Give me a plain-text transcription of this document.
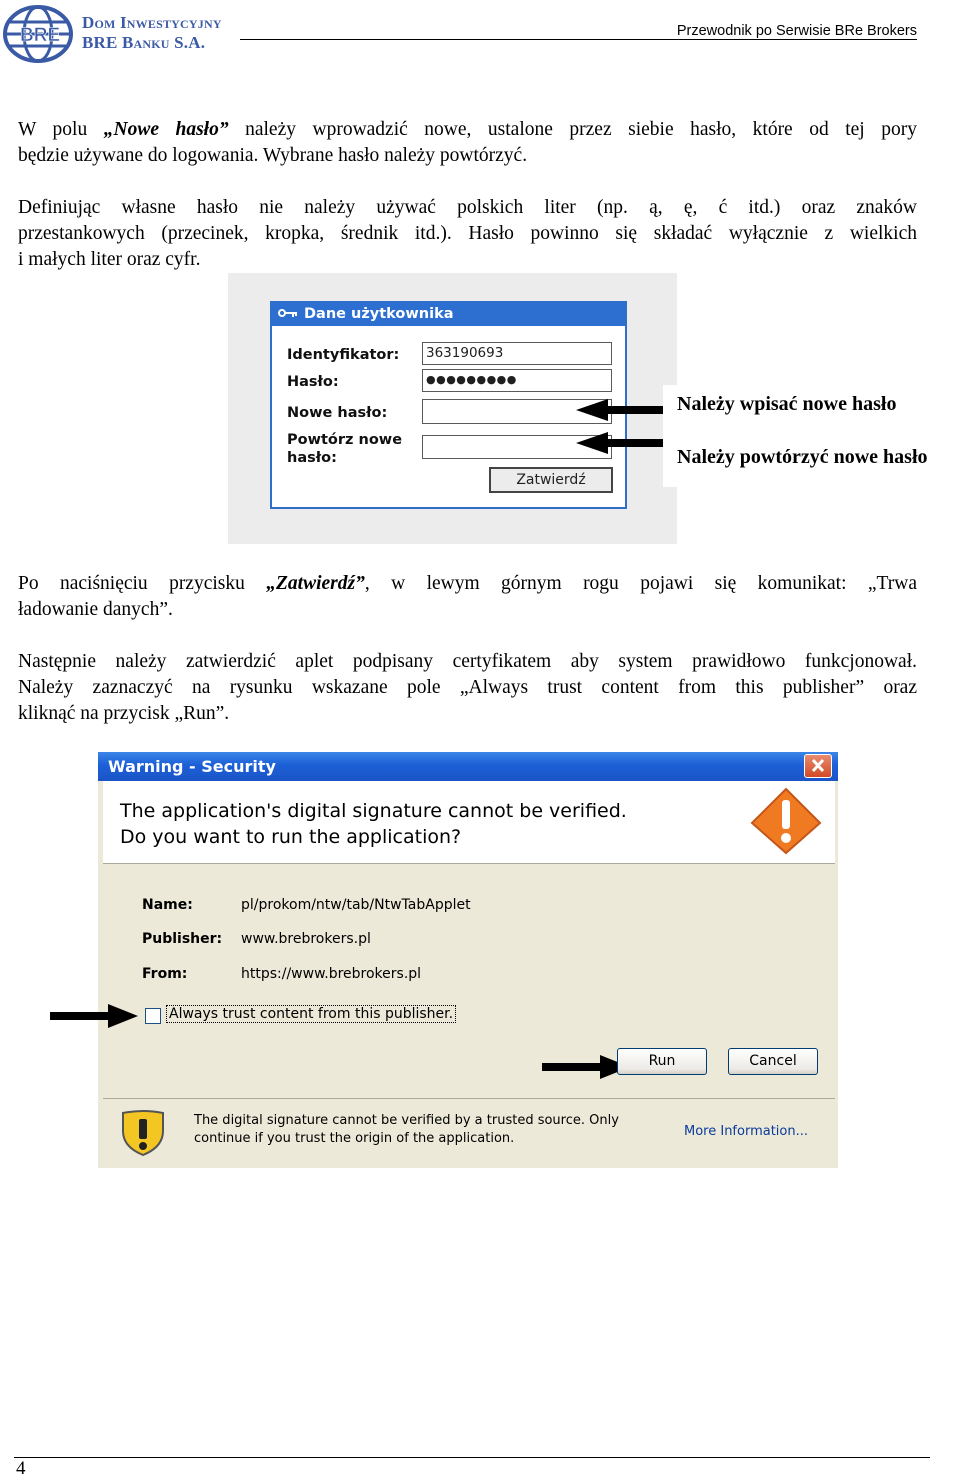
BRE
Dom Inwestycyjny
BRE Banku S.A.
Przewodnik po Serwisie BRe Brokers
W polu „Nowe hasło” należy wprowadzić nowe, ustalone przez siebie hasło, które od tej pory
będzie używane do logowania. Wybrane hasło należy powtórzyć.
Definiując własne hasło nie należy używać polskich liter (np. ą, ę, ć itd.) oraz znaków
przestankowych (przecinek, kropka, średnik itd.). Hasło powinno się składać wyłącznie z wielkich
i małych liter oraz cyfr.
Dane użytkownika
Identyfikator: 363190693
Hasło:	●●●●●●●●●
Nowe hasło:
Powtórz nowe
hasło:
Zatwierdź
Należy wpisać nowe hasło
Należy powtórzyć nowe hasło
Po naciśnięciu przycisku „Zatwierdź”, w lewym górnym rogu pojawi się komunikat: „Trwa
ładowanie danych”.
Następnie należy zatwierdzić aplet podpisany certyfikatem aby system prawidłowo funkcjonował.
Należy zaznaczyć na rysunku wskazane pole „Always trust content from this publisher” oraz
kliknąć na przycisk „Run”.
Warning - Security
The application's digital signature cannot be verified.
Do you want to run the application?
Name:	pl/prokom/ntw/tab/NtwTabApplet
Publisher: www.brebrokers.pl
From:	https://www.brebrokers.pl
Always trust content from this publisher.
Run	Cancel
The digital signature cannot be verified by a trusted source. Only
continue if you trust the origin of the application.	More Information...
4
